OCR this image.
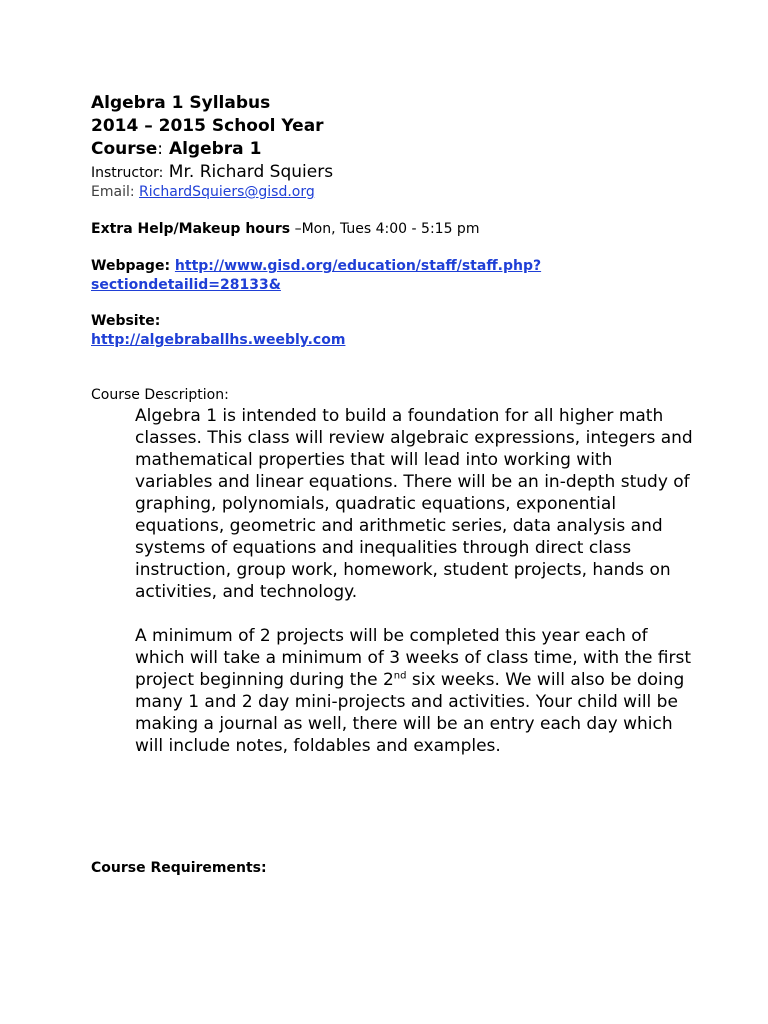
Algebra 1 Syllabus
2014 – 2015 School Year
Course: Algebra 1
Instructor: Mr. Richard Squiers
Email: RichardSquiers@gisd.org
Extra Help/Makeup hours –Mon, Tues 4:00 - 5:15 pm
Webpage: http://www.gisd.org/education/staff/staff.php?
sectiondetailid=28133&
Website:
http://algebraballhs.weebly.com
Course Description:

Algebra 1 is intended to build a foundation for all higher math classes. This class will review algebraic expressions, integers and mathematical properties that will lead into working with variables and linear equations. There will be an in-depth study of graphing, polynomials, quadratic equations, exponential equations, geometric and arithmetic series, data analysis and systems of equations and inequalities through direct class instruction, group work, homework, student projects, hands on activities, and technology.

A minimum of 2 projects will be completed this year each of which will take a minimum of 3 weeks of class time, with the first project beginning during the 2nd six weeks. We will also be doing many 1 and 2 day mini-projects and activities. Your child will be making a journal as well, there will be an entry each day which will include notes, foldables and examples.

Course Requirements:
